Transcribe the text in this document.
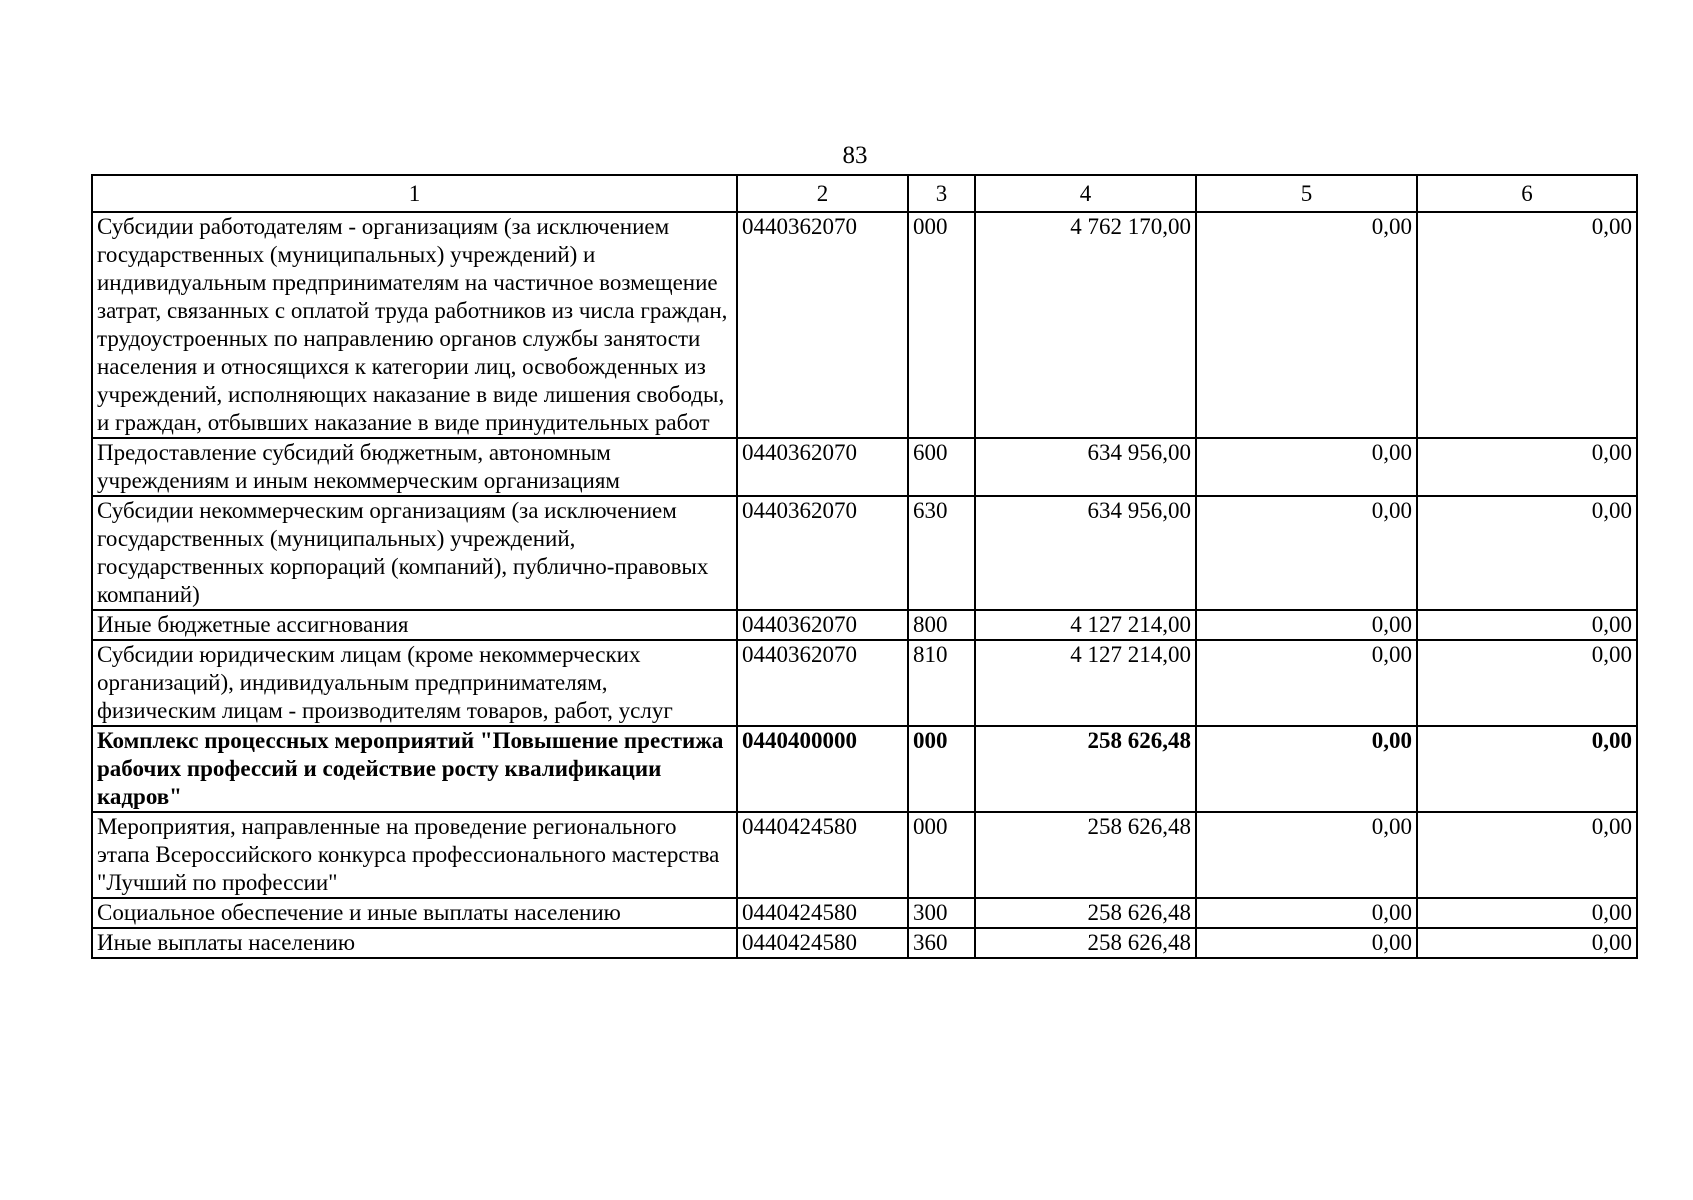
83
1	2	3	4	5	6
Субсидии работодателям - организациям (за исключением государственных (муниципальных) учреждений) и индивидуальным предпринимателям на частичное возмещение затрат, связанных с оплатой труда работников из числа граждан, трудоустроенных по направлению органов службы занятости населения и относящихся к категории лиц, освобожденных из учреждений, исполняющих наказание в виде лишения свободы, и граждан, отбывших наказание в виде принудительных работ	0440362070	000	4 762 170,00	0,00	0,00
Предоставление субсидий бюджетным, автономным учреждениям и иным некоммерческим организациям	0440362070	600	634 956,00	0,00	0,00
Субсидии некоммерческим организациям (за исключением государственных (муниципальных) учреждений, государственных корпораций (компаний), публично-правовых компаний)	0440362070	630	634 956,00	0,00	0,00
Иные бюджетные ассигнования	0440362070	800	4 127 214,00	0,00	0,00
Субсидии юридическим лицам (кроме некоммерческих организаций), индивидуальным предпринимателям, физическим лицам - производителям товаров, работ, услуг	0440362070	810	4 127 214,00	0,00	0,00
Комплекс процессных мероприятий "Повышение престижа рабочих профессий и содействие росту квалификации кадров"	0440400000	000	258 626,48	0,00	0,00
Мероприятия, направленные на проведение регионального этапа Всероссийского конкурса профессионального мастерства "Лучший по профессии"	0440424580	000	258 626,48	0,00	0,00
Социальное обеспечение и иные выплаты населению	0440424580	300	258 626,48	0,00	0,00
Иные выплаты населению	0440424580	360	258 626,48	0,00	0,00
